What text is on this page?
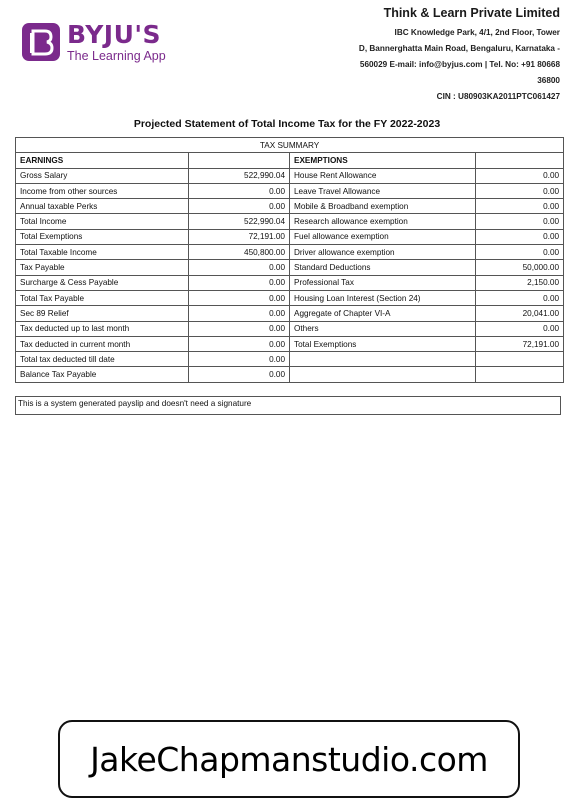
BYJU'S
The Learning App
Think & Learn Private Limited
IBC Knowledge Park, 4/1, 2nd Floor, Tower
D, Bannerghatta Main Road, Bengaluru, Karnataka -
560029 E-mail: info@byjus.com | Tel. No: +91 80668
36800
CIN : U80903KA2011PTC061427
Projected Statement of Total Income Tax for the FY 2022-2023
TAX SUMMARY			
EARNINGS		EXEMPTIONS	
Gross Salary	522,990.04	House Rent Allowance	0.00
Income from other sources	0.00	Leave Travel Allowance	0.00
Annual taxable Perks	0.00	Mobile & Broadband exemption	0.00
Total Income	522,990.04	Research allowance exemption	0.00
Total Exemptions	72,191.00	Fuel allowance exemption	0.00
Total Taxable Income	450,800.00	Driver allowance exemption	0.00
Tax Payable	0.00	Standard Deductions	50,000.00
Surcharge & Cess Payable	0.00	Professional Tax	2,150.00
Total Tax Payable	0.00	Housing Loan Interest (Section 24)	0.00
Sec 89 Relief	0.00	Aggregate of Chapter VI-A	20,041.00
Tax deducted up to last month	0.00	Others	0.00
Tax deducted in current month	0.00	Total Exemptions	72,191.00
Total tax deducted till date	0.00		
Balance Tax Payable	0.00		
This is a system generated payslip and doesn't need a signature
JakeChapmanstudio.com
